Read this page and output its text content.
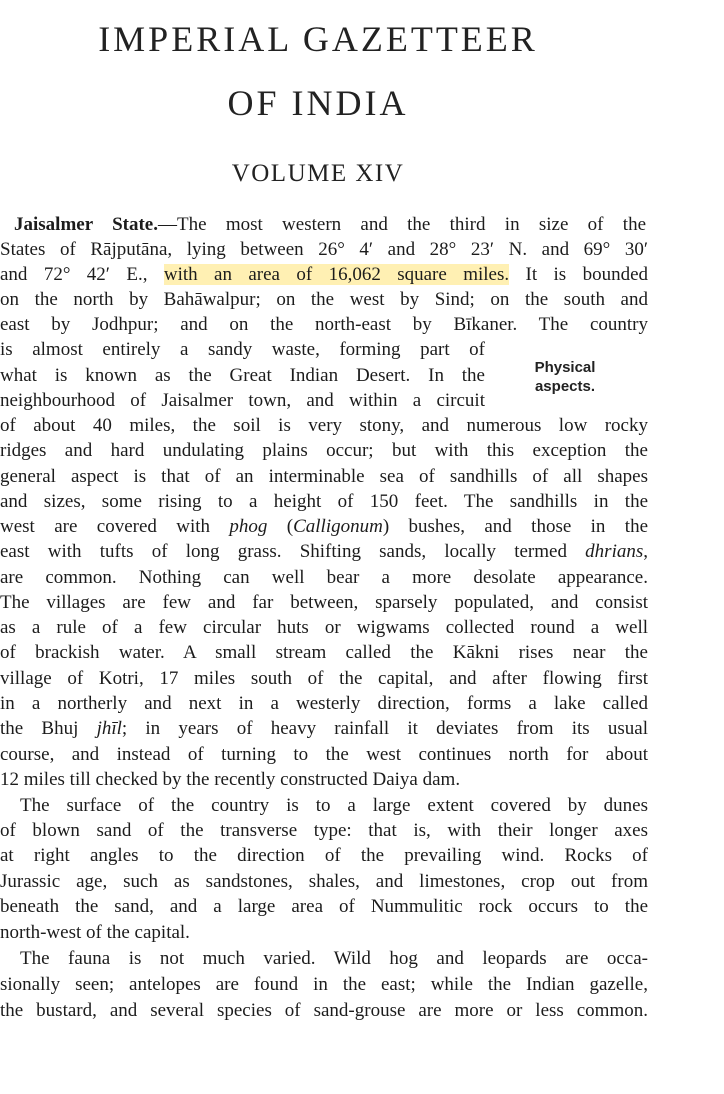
IMPERIAL GAZETTEER
OF INDIA
VOLUME XIV
Physical
aspects.
Jaisalmer State.—The most western and the third in size of the
States of Rājputāna, lying between 26° 4′ and 28° 23′ N. and 69° 30′
and 72° 42′ E., with an area of 16,062 square miles. It is bounded
on the north by Bahāwalpur; on the west by Sind; on the south and
east by Jodhpur; and on the north-east by Bīkaner. The country
is almost entirely a sandy waste, forming part of
what is known as the Great Indian Desert. In the
neighbourhood of Jaisalmer town, and within a circuit
of about 40 miles, the soil is very stony, and numerous low rocky
ridges and hard undulating plains occur; but with this exception the
general aspect is that of an interminable sea of sandhills of all shapes
and sizes, some rising to a height of 150 feet. The sandhills in the
west are covered with phog (Calligonum) bushes, and those in the
east with tufts of long grass. Shifting sands, locally termed dhrians,
are common. Nothing can well bear a more desolate appearance.
The villages are few and far between, sparsely populated, and consist
as a rule of a few circular huts or wigwams collected round a well
of brackish water. A small stream called the Kākni rises near the
village of Kotri, 17 miles south of the capital, and after flowing first
in a northerly and next in a westerly direction, forms a lake called
the Bhuj jhīl; in years of heavy rainfall it deviates from its usual
course, and instead of turning to the west continues north for about
12 miles till checked by the recently constructed Daiya dam.
The surface of the country is to a large extent covered by dunes
of blown sand of the transverse type: that is, with their longer axes
at right angles to the direction of the prevailing wind. Rocks of
Jurassic age, such as sandstones, shales, and limestones, crop out from
beneath the sand, and a large area of Nummulitic rock occurs to the
north-west of the capital.
The fauna is not much varied. Wild hog and leopards are occa-
sionally seen; antelopes are found in the east; while the Indian gazelle,
the bustard, and several species of sand-grouse are more or less common.
